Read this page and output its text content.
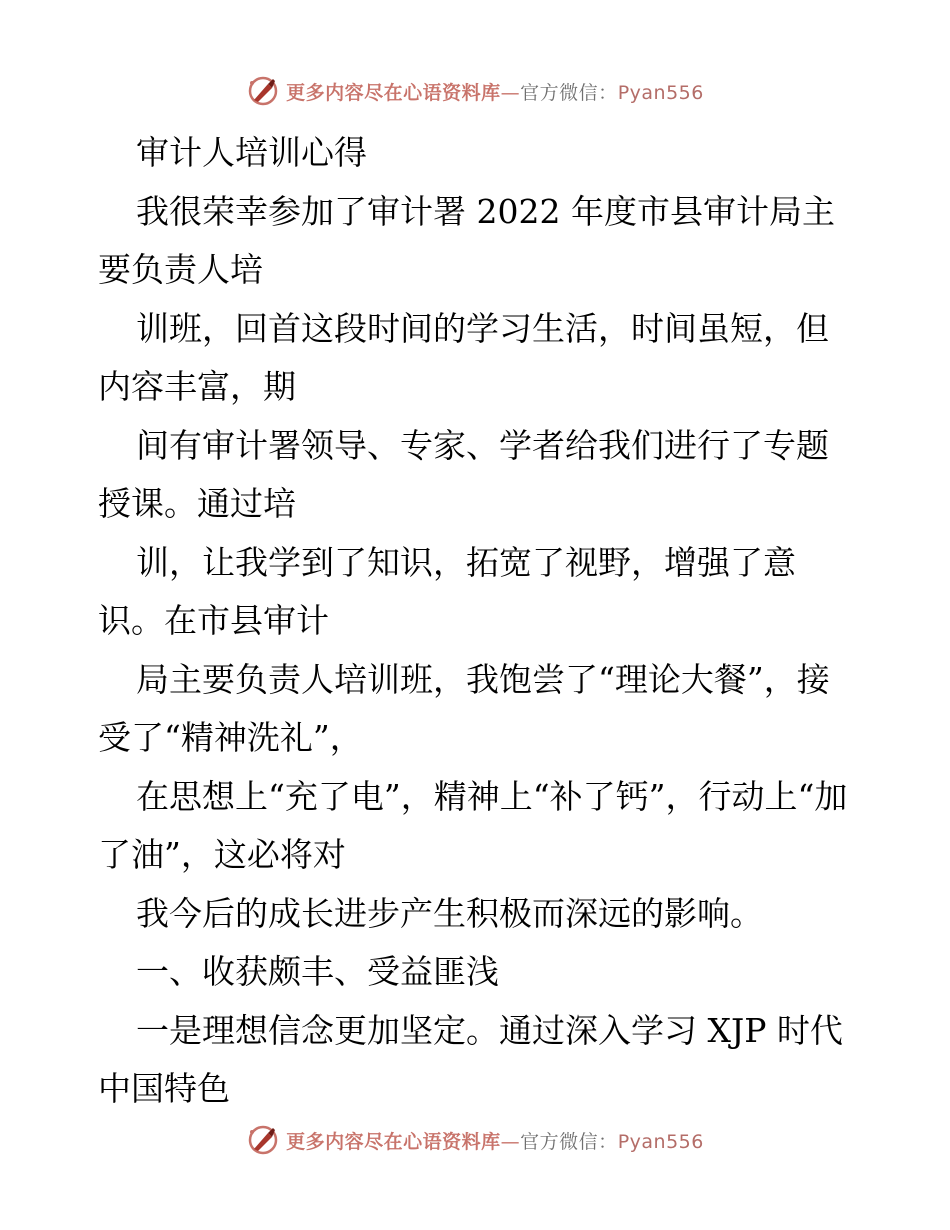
更多内容尽在心语资料库—官方微信：Pyan556

审计人培训心得

我很荣幸参加了审计署 2022 年度市县审计局主要负责人培

训班，回首这段时间的学习生活，时间虽短，但内容丰富，期

间有审计署领导、专家、学者给我们进行了专题授课。通过培

训，让我学到了知识，拓宽了视野，增强了意识。在市县审计

局主要负责人培训班，我饱尝了“理论大餐”，接受了“精神洗礼”，

在思想上“充了电”，精神上“补了钙”，行动上“加了油”，这必将对

我今后的成长进步产生积极而深远的影响。

一、收获颇丰、受益匪浅

一是理想信念更加坚定。通过深入学习 XJP 时代中国特色

更多内容尽在心语资料库—官方微信：Pyan556
